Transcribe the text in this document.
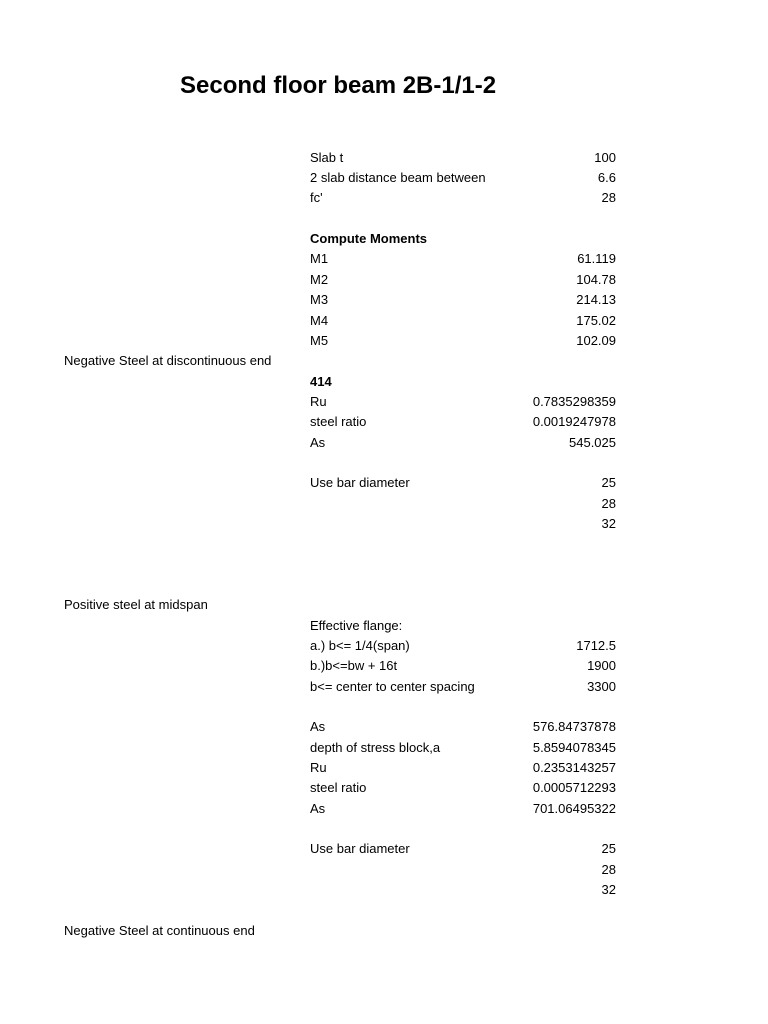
Second floor beam 2B-1/1-2
Slab t	100
2 slab distance beam between	6.6
fc'	28
Compute Moments
M1	61.119
M2	104.78
M3	214.13
M4	175.02
M5	102.09
Negative Steel at discontinuous end
414
Ru	0.7835298359
steel ratio	0.0019247978
As	545.025
Use bar diameter	25
28
32
Positive steel at midspan
Effective flange:
a.) b<= 1/4(span)	1712.5
b.)b<=bw + 16t	1900
b<= center to center spacing	3300
As	576.84737878
depth of stress block,a	5.8594078345
Ru	0.2353143257
steel ratio	0.0005712293
As	701.06495322
Use bar diameter	25
28
32
Negative Steel at continuous end
